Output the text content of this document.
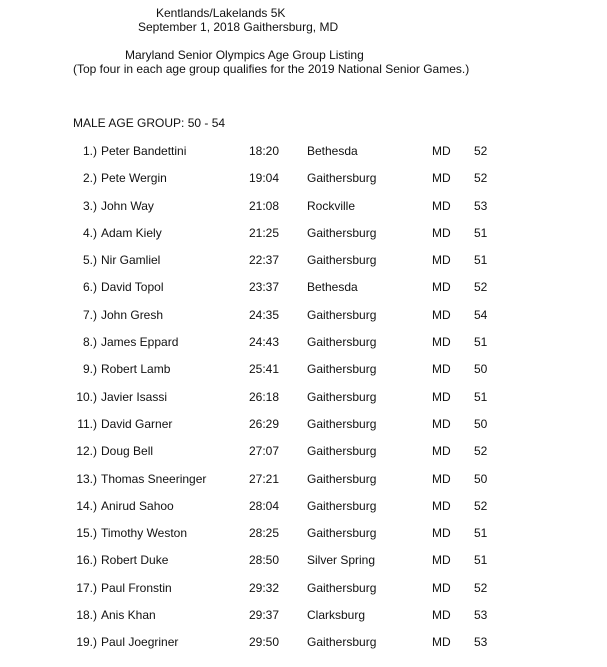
Kentlands/Lakelands 5K
September 1, 2018 Gaithersburg, MD
Maryland Senior Olympics Age Group Listing
(Top four in each age group qualifies for the 2019 National Senior Games.)
MALE AGE GROUP: 50 - 54
1.) Peter Bandettini	18:20 Bethesda	MD 52
2.) Pete Wergin	19:04 Gaithersburg	MD 52
3.) John Way	21:08 Rockville	MD 53
4.) Adam Kiely	21:25 Gaithersburg	MD 51
5.) Nir Gamliel	22:37 Gaithersburg	MD 51
6.) David Topol	23:37 Bethesda	MD 52
7.) John Gresh	24:35 Gaithersburg	MD 54
8.) James Eppard	24:43 Gaithersburg	MD 51
9.) Robert Lamb	25:41 Gaithersburg	MD 50
10.) Javier Isassi	26:18 Gaithersburg	MD 51
11.) David Garner	26:29 Gaithersburg	MD 50
12.) Doug Bell	27:07 Gaithersburg	MD 52
13.) Thomas Sneeringer	27:21 Gaithersburg	MD 50
14.) Anirud Sahoo	28:04 Gaithersburg	MD 52
15.) Timothy Weston	28:25 Gaithersburg	MD 51
16.) Robert Duke	28:50 Silver Spring	MD 51
17.) Paul Fronstin	29:32 Gaithersburg	MD 52
18.) Anis Khan	29:37 Clarksburg	MD 53
19.) Paul Joegriner	29:50 Gaithersburg	MD 53
